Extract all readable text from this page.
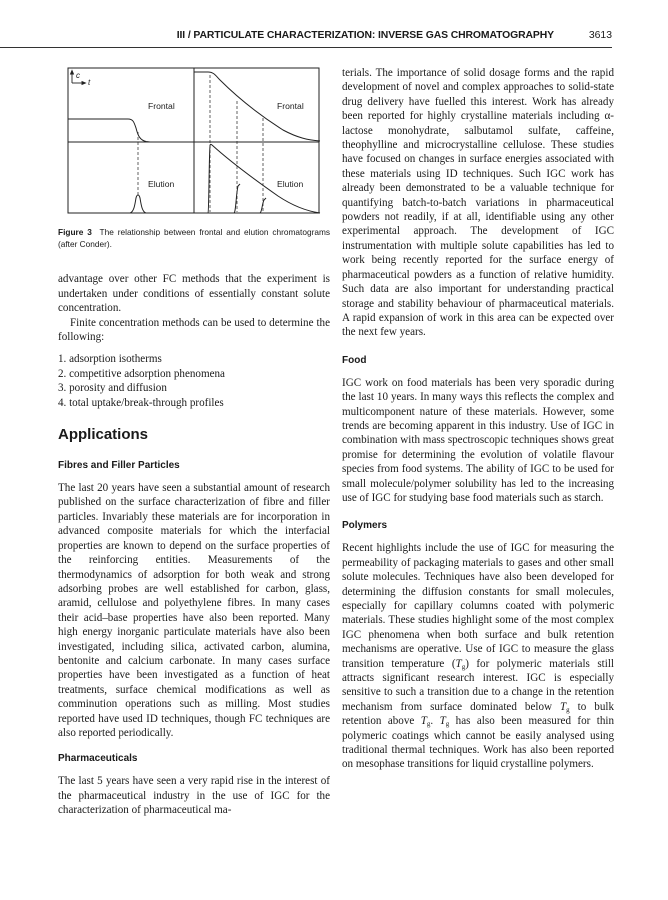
III / PARTICULATE CHARACTERIZATION: INVERSE GAS CHROMATOGRAPHY	3613
c
t
Frontal	Frontal
Elution	Elution
Figure 3 The relationship between frontal and elution chromatograms (after Conder).

advantage over other FC methods that the experiment is undertaken under conditions of essentially constant solute concentration.

Finite concentration methods can be used to determine the following:

1. adsorption isotherms
2. competitive adsorption phenomena
3. porosity and diffusion
4. total uptake/break-through profiles
Applications
Fibres and Filler Particles

The last 20 years have seen a substantial amount of research published on the surface characterization of fibre and filler particles. Invariably these materials are for incorporation in advanced composite materials for which the interfacial properties are known to depend on the surface properties of the reinforcing entities. Measurements of the thermodynamics of adsorption for both weak and strong adsorbing probes are well established for carbon, glass, aramid, cellulose and polyethylene fibres. In many cases their acid–base properties have also been reported. Many high energy inorganic particulate materials have also been investigated, including silica, activated carbon, alumina, bentonite and calcium carbonate. In many cases surface properties have been investigated as a function of heat treatments, surface chemical modifications as well as comminution operations such as milling. Most studies reported have used ID techniques, though FC techniques are also reported periodically.

Pharmaceuticals

The last 5 years have seen a very rapid rise in the interest of the pharmaceutical industry in the use of IGC for the characterization of pharmaceutical ma-

terials. The importance of solid dosage forms and the rapid development of novel and complex approaches to solid-state drug delivery have fuelled this interest. Work has already been reported for highly crystalline materials including α-lactose monohydrate, salbutamol sulfate, caffeine, theophylline and microcrystalline cellulose. These studies have focused on changes in surface energies associated with these materials using ID techniques. Such IGC work has already been demonstrated to be a valuable technique for quantifying batch-to-batch variations in pharmaceutical powders not readily, if at all, identifiable using any other experimental approach. The development of IGC instrumentation with multiple solute capabilities has led to work being recently reported for the surface energy of pharmaceutical powders as a function of relative humidity. Such data are also important for understanding practical storage and stability behaviour of pharmaceutical materials. A rapid expansion of work in this area can be expected over the next few years.

Food

IGC work on food materials has been very sporadic during the last 10 years. In many ways this reflects the complex and multicomponent nature of these materials. However, some trends are becoming apparent in this industry. Use of IGC in combination with mass spectroscopic techniques shows great promise for determining the evolution of volatile flavour species from food systems. The ability of IGC to be used for small molecule/polymer solubility has led to the increasing use of IGC for studying base food materials such as starch.

Polymers

Recent highlights include the use of IGC for measuring the permeability of packaging materials to gases and other small solute molecules. Techniques have also been developed for determining the diffusion constants for small molecules, especially for capillary columns coated with polymeric materials. These studies highlight some of the most complex IGC phenomena when both surface and bulk retention mechanisms are operative. Use of IGC to measure the glass transition temperature $(T_g)$ for polymeric materials still attracts significant research interest. IGC is especially sensitive to such a transition due to a change in the retention mechanism from surface dominated below $T_g$ to bulk retention above $T_g$. $T_g$ has also been measured for thin polymeric coatings which cannot be easily analysed using traditional thermal techniques. Work has also been reported on mesophase transitions for liquid crystalline polymers.
